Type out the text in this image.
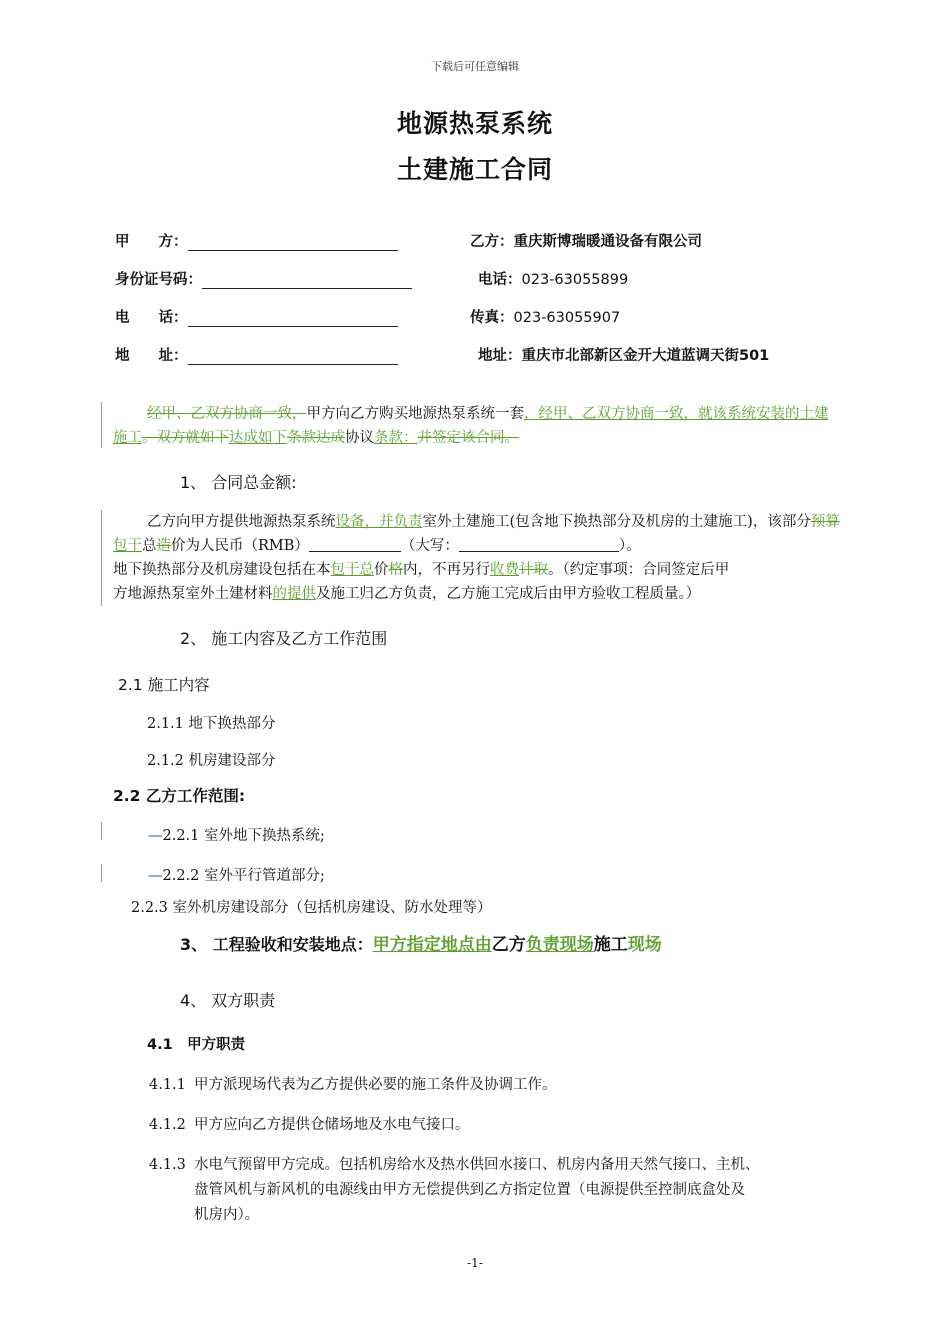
下载后可任意编辑
地源热泵系统
土建施工合同
甲　　方：	乙方：重庆斯博瑞暖通设备有限公司
身份证号码：	电话：023-63055899
电　　话：	传真：023-63055907
地　　址：	地址：重庆市北部新区金开大道蓝调天街501
经甲、乙双方协商一致，甲方向乙方购买地源热泵系统一套，经甲、乙双方协商一致，就该系统安装的土建施工。双方就如下达成如下条款达成协议条款：并签定该合同。
1、 合同总金额:
乙方向甲方提供地源热泵系统设备，并负责室外土建施工(包含地下换热部分及机房的土建施工)，该部分预算包干总造价为人民币（RMB）	（大写：	）。
地下换热部分及机房建设包括在本包干总价格内，不再另行收费计取。（约定事项：合同签定后甲
方地源热泵室外土建材料的提供及施工归乙方负责，乙方施工完成后由甲方验收工程质量。）
2、 施工内容及乙方工作范围
2.1 施工内容
2.1.1 地下换热部分
2.1.2 机房建设部分
2.2 乙方工作范围:
—2.2.1 室外地下换热系统;
—2.2.2 室外平行管道部分;
2.2.3 室外机房建设部分（包括机房建设、防水处理等）
3、 工程验收和安装地点：甲方指定地点由乙方负责现场施工现场
4、 双方职责
4.1　甲方职责
4.1.1 甲方派现场代表为乙方提供必要的施工条件及协调工作。
4.1.2 甲方应向乙方提供仓储场地及水电气接口。
4.1.3 水电气预留甲方完成。包括机房给水及热水供回水接口、机房内备用天然气接口、主机、
盘管风机与新风机的电源线由甲方无偿提供到乙方指定位置（电源提供至控制底盒处及
机房内）。
-1-
